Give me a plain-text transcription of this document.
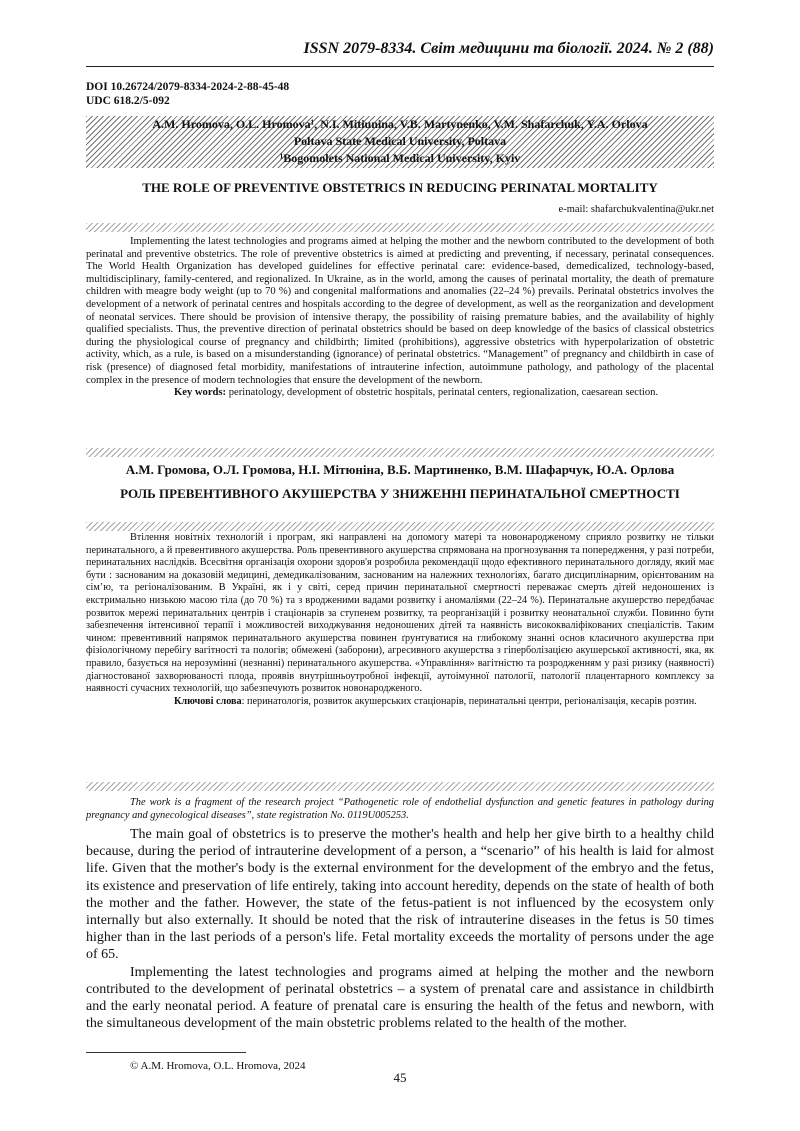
ISSN 2079-8334. Світ медицини та біології. 2024. № 2 (88)
DOI 10.26724/2079-8334-2024-2-88-45-48
UDC 618.2/5-092
A.M. Hromova, O.L. Hromova¹, N.I. Mitiunina, V.B. Martynenko, V.M. Shafarchuk, Y.A. Orlova
Poltava State Medical University, Poltava
¹Bogomolets National Medical University, Kyiv
THE ROLE OF PREVENTIVE OBSTETRICS IN REDUCING PERINATAL MORTALITY
e-mail: shafarchukvalentina@ukr.net

Implementing the latest technologies and programs aimed at helping the mother and the newborn contributed to the development of both perinatal and preventive obstetrics. The role of preventive obstetrics is aimed at predicting and preventing, if necessary, perinatal consequences. The World Health Organization has developed guidelines for effective perinatal care: evidence-based, demedicalized, technology-based, multidisciplinary, family-centered, and regionalized. In Ukraine, as in the world, among the causes of perinatal mortality, the death of premature children with meagre body weight (up to 70 %) and congenital malformations and anomalies (22–24 %) prevails. Perinatal obstetrics involves the development of a network of perinatal centres and hospitals according to the degree of development, as well as the reorganization and development of neonatal services. There should be provision of intensive therapy, the possibility of raising premature babies, and the availability of highly qualified specialists. Thus, the preventive direction of perinatal obstetrics should be based on deep knowledge of the basics of classical obstetrics during the physiological course of pregnancy and childbirth; limited (prohibitions), aggressive obstetrics with hyperpolarization of obstetric activity, which, as a rule, is based on a misunderstanding (ignorance) of perinatal obstetrics. “Management” of pregnancy and childbirth in case of risk (presence) of diagnosed fetal morbidity, manifestations of intrauterine infection, autoimmune pathology, and pathology of the placental complex in the presence of modern technologies that ensure the development of the newborn.

Key words: perinatology, development of obstetric hospitals, perinatal centers, regionalization, caesarean section.

А.М. Громова, О.Л. Громова, Н.І. Мітюніна, В.Б. Мартиненко, В.М. Шафарчук, Ю.А. Орлова
РОЛЬ ПРЕВЕНТИВНОГО АКУШЕРСТВА У ЗНИЖЕННІ ПЕРИНАТАЛЬНОЇ СМЕРТНОСТІ

Втілення новітніх технологій і програм, які направлені на допомогу матері та новонародженому сприяло розвитку не тільки перинатального, а й превентивного акушерства. Роль превентивного акушерства спрямована на прогнозування та попередження, у разі потреби, перинатальних наслідків. Всесвітня організація охорони здоров'я розробила рекомендації щодо ефективного перинатального догляду, який має бути : заснованим на доказовій медицині, демедикалізованим, заснованим на належних технологіях, багато дисциплінарним, орієнтованим на сім’ю, та регіоналізованим. В Україні, як і у світі, серед причин перинатальної смертності переважає смерть дітей недоношених із екстримально низькою масою тіла (до 70 %) та з вродженими вадами розвитку і аномаліями (22–24 %). Перинатальне акушерство передбачає розвиток мережі перинатальних центрів і стаціонарів за ступенем розвитку, та реорганізацій і розвитку неонатальної служби. Повинно бути забезпечення інтенсивної терапії і можливостей виходжування недоношених дітей та наявність висококваліфікованих спеціалістів. Таким чином: превентивний напрямок перинатального акушерства повинен ґрунтуватися на глибокому знанні основ класичного акушерства при фізіологічному перебігу вагітності та пологів; обмежені (заборони), агресивного акушерства з гіперболізацією акушерської активності, яка, як правило, базується на нерозумінні (незнанні) перинатального акушерства. «Управління» вагітністю та розродженням у разі ризику (наявності) діагностованої захворюваності плода, проявів внутрішньоутробної інфекції, аутоімунної патології, патології плацентарного комплексу за наявності сучасних технологій, що забезпечують розвиток новонародженого.

Ключові слова: перинатологія, розвиток акушерських стаціонарів, перинатальні центри, регіоналізація, кесарів розтин.

The work is a fragment of the research project “Pathogenetic role of endothelial dysfunction and genetic features in pathology during pregnancy and gynecological diseases”, state registration No. 0119U005253.

The main goal of obstetrics is to preserve the mother's health and help her give birth to a healthy child because, during the period of intrauterine development of a person, a “scenario” of his health is laid for almost life. Given that the mother's body is the external environment for the development of the embryo and the fetus, its existence and preservation of life entirely, taking into account heredity, depends on the state of health of both the mother and the father. However, the state of the fetus-patient is not influenced by the ecosystem only internally but also externally. It should be noted that the risk of intrauterine diseases in the fetus is 50 times higher than in the last periods of a person's life. Fetal mortality exceeds the mortality of persons under the age of 65.

Implementing the latest technologies and programs aimed at helping the mother and the newborn contributed to the development of perinatal obstetrics – a system of prenatal care and assistance in childbirth and the early neonatal period. A feature of prenatal care is ensuring the health of the fetus and newborn, with the simultaneous development of the main obstetric problems related to the health of the mother.

© A.M. Hromova, O.L. Hromova, 2024
45
